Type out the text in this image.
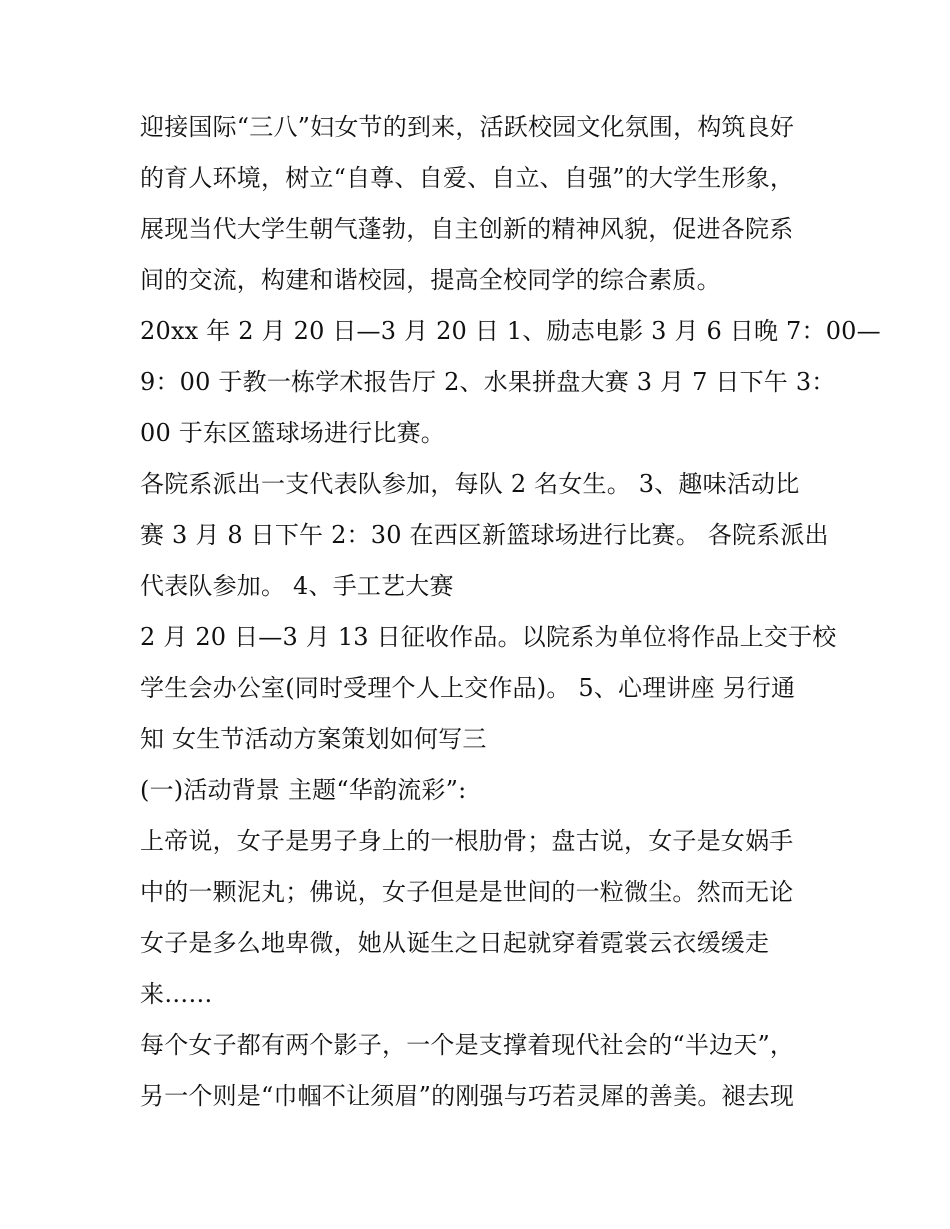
迎接国际“三八”妇女节的到来，活跃校园文化氛围，构筑良好
的育人环境，树立“自尊、自爱、自立、自强”的大学生形象，
展现当代大学生朝气蓬勃，自主创新的精神风貌，促进各院系
间的交流，构建和谐校园，提高全校同学的综合素质。
20xx 年 2 月 20 日—3 月 20 日 1、励志电影 3 月 6 日晚 7：00—
9：00 于教一栋学术报告厅 2、水果拼盘大赛 3 月 7 日下午 3：
00 于东区篮球场进行比赛。
各院系派出一支代表队参加，每队 2 名女生。 3、趣味活动比
赛 3 月 8 日下午 2：30 在西区新篮球场进行比赛。 各院系派出
代表队参加。 4、手工艺大赛
2 月 20 日—3 月 13 日征收作品。以院系为单位将作品上交于校
学生会办公室(同时受理个人上交作品)。 5、心理讲座 另行通
知 女生节活动方案策划如何写三
(一)活动背景 主题“华韵流彩”:
上帝说，女子是男子身上的一根肋骨；盘古说，女子是女娲手
中的一颗泥丸；佛说，女子但是是世间的一粒微尘。然而无论
女子是多么地卑微，她从诞生之日起就穿着霓裳云衣缓缓走
来……
每个女子都有两个影子，一个是支撑着现代社会的“半边天”，
另一个则是“巾帼不让须眉”的刚强与巧若灵犀的善美。褪去现
